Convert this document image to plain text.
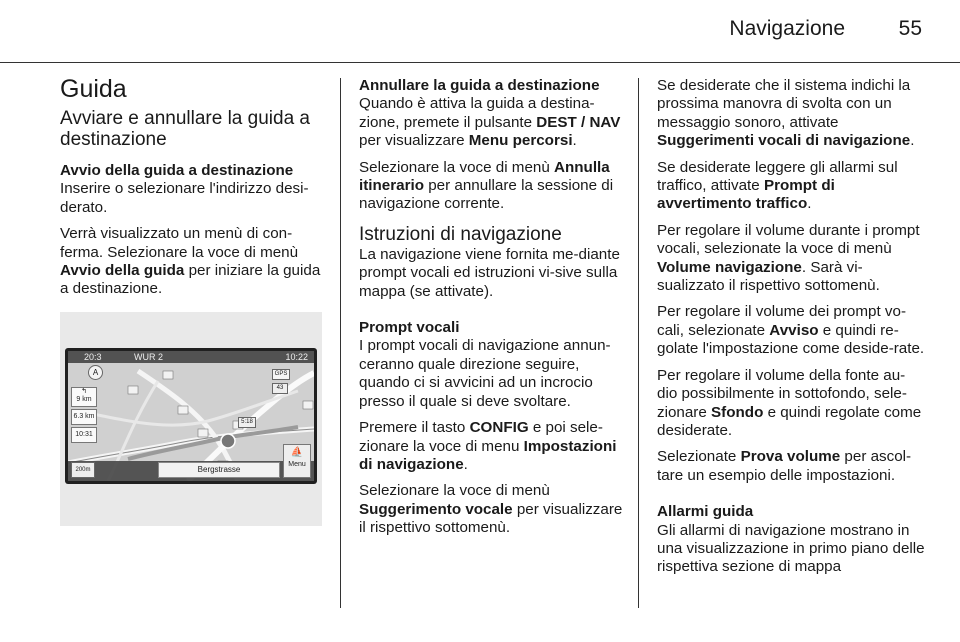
Navigazione	55
Guida
Avviare e annullare la guida a destinazione

Avvio della guida a destinazione

Inserire o selezionare l'indirizzo desi-derato.

Verrà visualizzato un menù di con-ferma. Selezionare la voce di menù Avvio della guida per iniziare la guida a destinazione.

20:3	WUR 2	10:22
A
↰
9 km
6.3 km
10:31
GPS
43
5:18
200m	Bergstrasse
⛵
Menu

Annullare la guida a destinazione

Quando è attiva la guida a destina-zione, premete il pulsante DEST / NAV per visualizzare Menu percorsi.

Selezionare la voce di menù Annulla itinerario per annullare la sessione di navigazione corrente.

Istruzioni di navigazione

La navigazione viene fornita me-diante prompt vocali ed istruzioni vi-sive sulla mappa (se attivate).

Prompt vocali

I prompt vocali di navigazione annun-ceranno quale direzione seguire, quando ci si avvicini ad un incrocio presso il quale si deve svoltare.

Premere il tasto CONFIG e poi sele-zionare la voce di menu Impostazioni di navigazione.

Selezionare la voce di menù Suggerimento vocale per visualizzare il rispettivo sottomenù.

Se desiderate che il sistema indichi la prossima manovra di svolta con un messaggio sonoro, attivate Suggerimenti vocali di navigazione.

Se desiderate leggere gli allarmi sul traffico, attivate Prompt di avvertimento traffico.

Per regolare il volume durante i prompt vocali, selezionate la voce di menù Volume navigazione. Sarà vi-sualizzato il rispettivo sottomenù.

Per regolare il volume dei prompt vo-cali, selezionate Avviso e quindi re-golate l'impostazione come deside-rate.

Per regolare il volume della fonte au-dio possibilmente in sottofondo, sele-zionare Sfondo e quindi regolate come desiderate.

Selezionate Prova volume per ascol-tare un esempio delle impostazioni.

Allarmi guida

Gli allarmi di navigazione mostrano in una visualizzazione in primo piano delle rispettiva sezione di mappa
